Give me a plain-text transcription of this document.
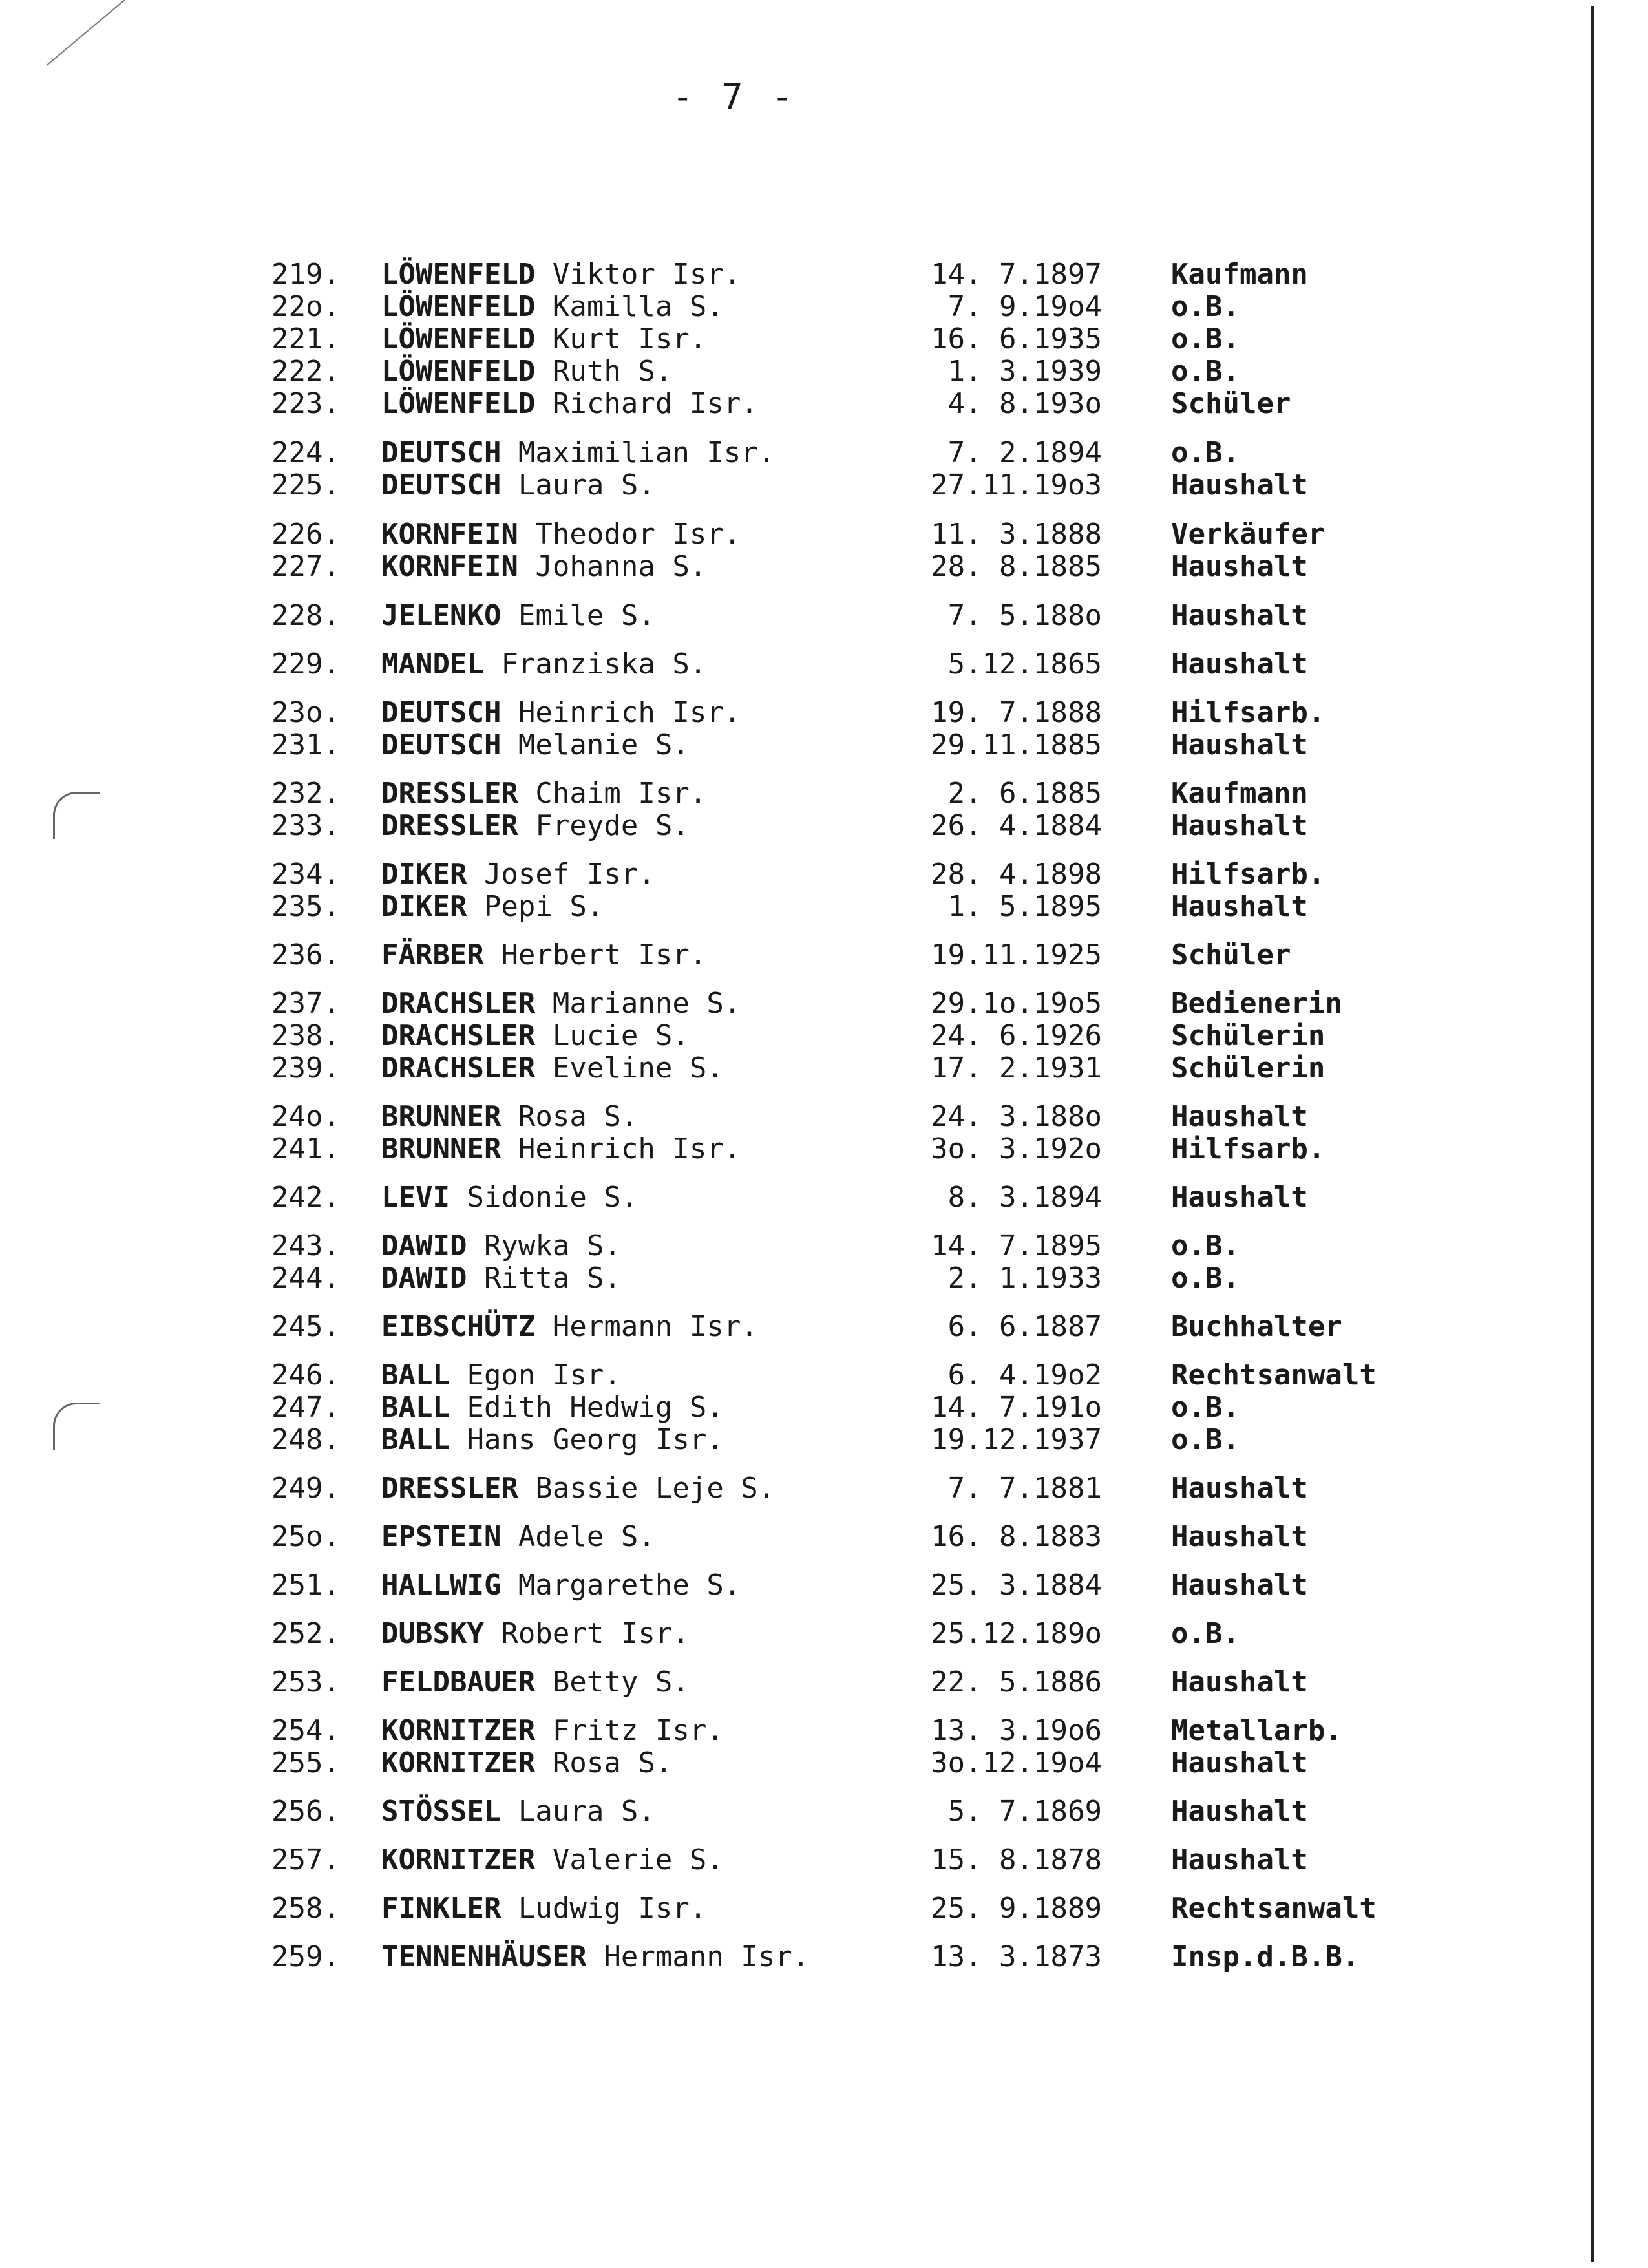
- 7 -
219. LÖWENFELD Viktor Isr.	14. 7.1897 Kaufmann
22o. LÖWENFELD Kamilla S.	7. 9.19o4 o.B.
221. LÖWENFELD Kurt Isr.	16. 6.1935 o.B.
222. LÖWENFELD Ruth S.	1. 3.1939 o.B.
223. LÖWENFELD Richard Isr.	4. 8.193o Schüler
224. DEUTSCH Maximilian Isr.	7. 2.1894 o.B.
225. DEUTSCH Laura S.	27.11.19o3 Haushalt
226. KORNFEIN Theodor Isr.	11. 3.1888 Verkäufer
227. KORNFEIN Johanna S.	28. 8.1885 Haushalt
228. JELENKO Emile S.	7. 5.188o Haushalt
229. MANDEL Franziska S.	5.12.1865 Haushalt
23o. DEUTSCH Heinrich Isr.	19. 7.1888 Hilfsarb.
231. DEUTSCH Melanie S.	29.11.1885 Haushalt
232. DRESSLER Chaim Isr.	2. 6.1885 Kaufmann
233. DRESSLER Freyde S.	26. 4.1884 Haushalt
234. DIKER Josef Isr.	28. 4.1898 Hilfsarb.
235. DIKER Pepi S.	1. 5.1895 Haushalt
236. FÄRBER Herbert Isr.	19.11.1925 Schüler
237. DRACHSLER Marianne S.	29.1o.19o5 Bedienerin
238. DRACHSLER Lucie S.	24. 6.1926 Schülerin
239. DRACHSLER Eveline S.	17. 2.1931 Schülerin
24o. BRUNNER Rosa S.	24. 3.188o Haushalt
241. BRUNNER Heinrich Isr.	3o. 3.192o Hilfsarb.
242. LEVI Sidonie S.	8. 3.1894 Haushalt
243. DAWID Rywka S.	14. 7.1895 o.B.
244. DAWID Ritta S.	2. 1.1933 o.B.
245. EIBSCHÜTZ Hermann Isr.	6. 6.1887 Buchhalter
246. BALL Egon Isr.	6. 4.19o2 Rechtsanwalt
247. BALL Edith Hedwig S.	14. 7.191o o.B.
248. BALL Hans Georg Isr.	19.12.1937 o.B.
249. DRESSLER Bassie Leje S.	7. 7.1881 Haushalt
25o. EPSTEIN Adele S.	16. 8.1883 Haushalt
251. HALLWIG Margarethe S.	25. 3.1884 Haushalt
252. DUBSKY Robert Isr.	25.12.189o o.B.
253. FELDBAUER Betty S.	22. 5.1886 Haushalt
254. KORNITZER Fritz Isr.	13. 3.19o6 Metallarb.
255. KORNITZER Rosa S.	3o.12.19o4 Haushalt
256. STÖSSEL Laura S.	5. 7.1869 Haushalt
257. KORNITZER Valerie S.	15. 8.1878 Haushalt
258. FINKLER Ludwig Isr.	25. 9.1889 Rechtsanwalt
259. TENNENHÄUSER Hermann Isr.	13. 3.1873 Insp.d.B.B.
